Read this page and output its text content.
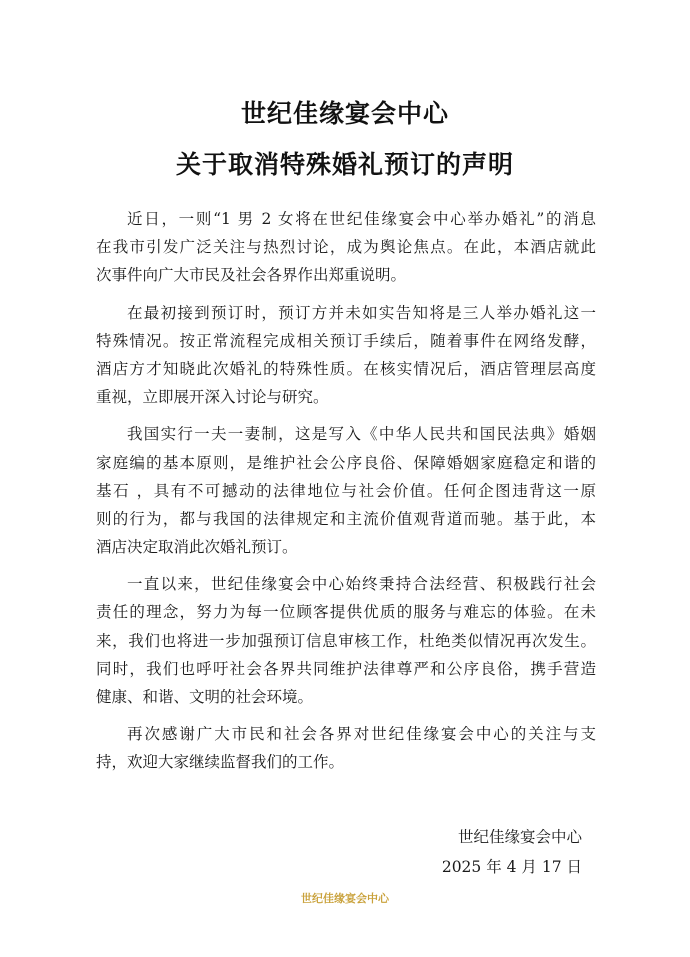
世纪佳缘宴会中心
关于取消特殊婚礼预订的声明
近日，一则“1 男 2 女将在世纪佳缘宴会中心举办婚礼”的消息
在我市引发广泛关注与热烈讨论，成为舆论焦点。在此，本酒店就此
次事件向广大市民及社会各界作出郑重说明。
在最初接到预订时，预订方并未如实告知将是三人举办婚礼这一
特殊情况。按正常流程完成相关预订手续后，随着事件在网络发酵，
酒店方才知晓此次婚礼的特殊性质。在核实情况后，酒店管理层高度
重视，立即展开深入讨论与研究。
我国实行一夫一妻制，这是写入《中华人民共和国民法典》婚姻
家庭编的基本原则，是维护社会公序良俗、保障婚姻家庭稳定和谐的
基石 ，具有不可撼动的法律地位与社会价值。任何企图违背这一原
则的行为，都与我国的法律规定和主流价值观背道而驰。基于此，本
酒店决定取消此次婚礼预订。
一直以来，世纪佳缘宴会中心始终秉持合法经营、积极践行社会
责任的理念，努力为每一位顾客提供优质的服务与难忘的体验。在未
来，我们也将进一步加强预订信息审核工作，杜绝类似情况再次发生。
同时，我们也呼吁社会各界共同维护法律尊严和公序良俗，携手营造
健康、和谐、文明的社会环境。
再次感谢广大市民和社会各界对世纪佳缘宴会中心的关注与支
持，欢迎大家继续监督我们的工作。
世纪佳缘宴会中心
2025 年 4 月 17 日
世纪佳缘宴会中心
